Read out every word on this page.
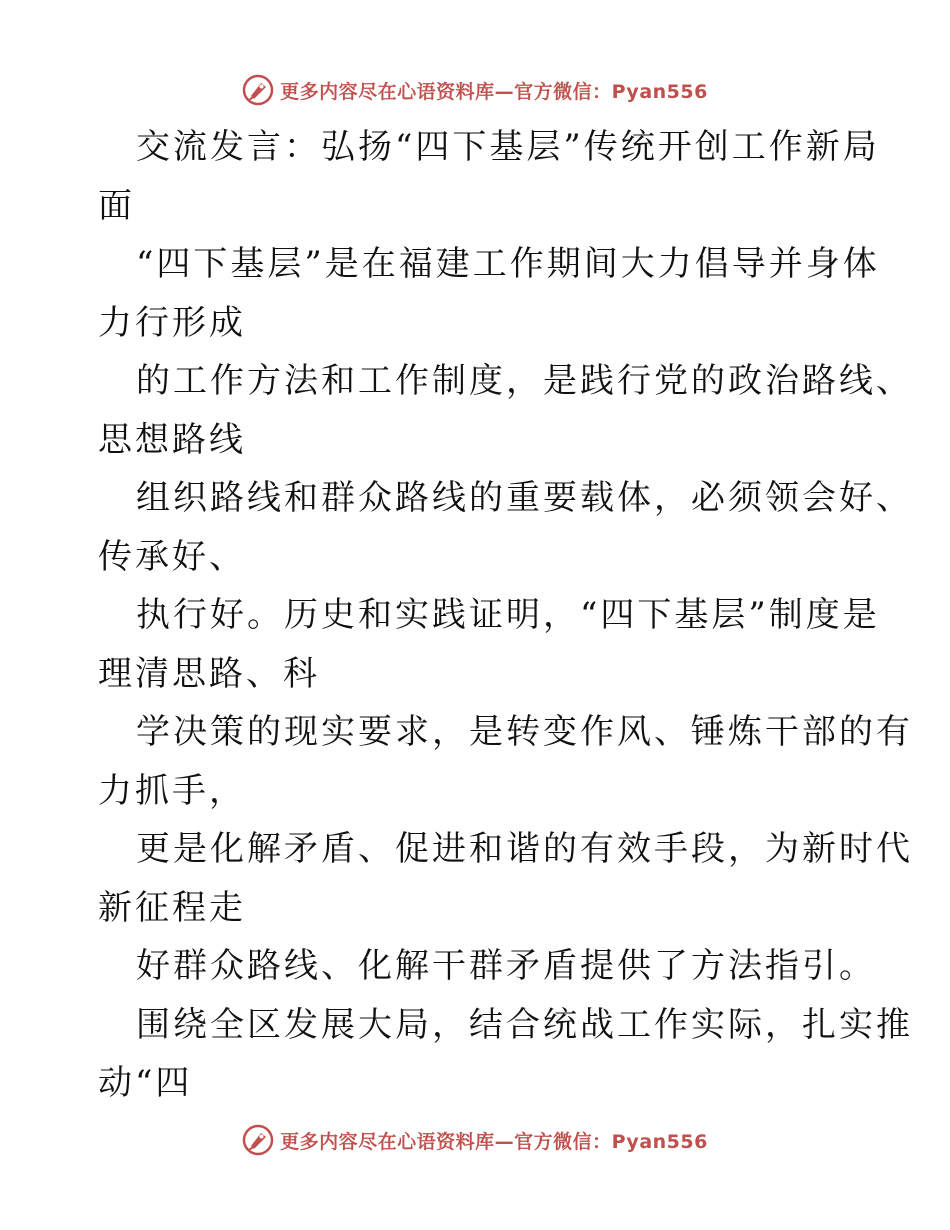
更多内容尽在心语资料库—官方微信：Pyan556
交流发言：弘扬“四下基层”传统开创工作新局
面
“四下基层”是在福建工作期间大力倡导并身体
力行形成
的工作方法和工作制度，是践行党的政治路线、
思想路线
组织路线和群众路线的重要载体，必须领会好、
传承好、
执行好。历史和实践证明，“四下基层”制度是
理清思路、科
学决策的现实要求，是转变作风、锤炼干部的有
力抓手，
更是化解矛盾、促进和谐的有效手段，为新时代
新征程走
好群众路线、化解干群矛盾提供了方法指引。
围绕全区发展大局，结合统战工作实际，扎实推
动“四
更多内容尽在心语资料库—官方微信：Pyan556
